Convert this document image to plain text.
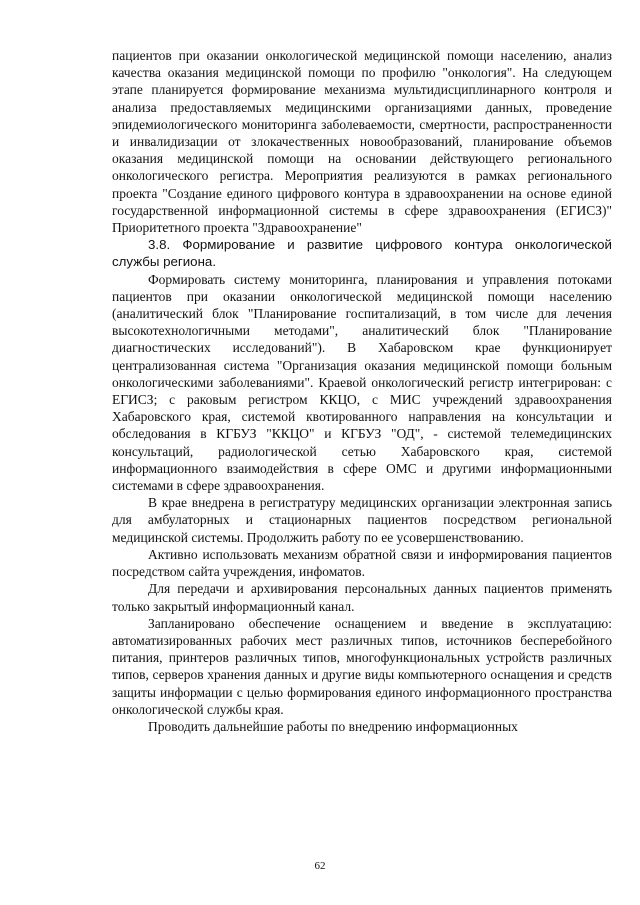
пациентов при оказании онкологической медицинской помощи населению, анализ качества оказания медицинской помощи по профилю "онкология". На следующем этапе планируется формирование механизма мультидисциплинарного контроля и анализа предоставляемых медицинскими организациями данных, проведение эпидемиологического мониторинга заболеваемости, смертности, распространенности и инвалидизации от злокачественных новообразований, планирование объемов оказания медицинской помощи на основании действующего регионального онкологического регистра. Мероприятия реализуются в рамках регионального проекта "Создание единого цифрового контура в здравоохранении на основе единой государственной информационной системы в сфере здравоохранения (ЕГИСЗ)" Приоритетного проекта "Здравоохранение"

3.8. Формирование и развитие цифрового контура онкологической службы региона.

Формировать систему мониторинга, планирования и управления потоками пациентов при оказании онкологической медицинской помощи населению (аналитический блок "Планирование госпитализаций, в том числе для лечения высокотехнологичными методами", аналитический блок "Планирование диагностических исследований"). В Хабаровском крае функционирует централизованная система "Организация оказания медицинской помощи больным онкологическими заболеваниями". Краевой онкологический регистр интегрирован: с ЕГИСЗ; с раковым регистром ККЦО, с МИС учреждений здравоохранения Хабаровского края, системой квотированного направления на консультации и обследования в КГБУЗ "ККЦО" и КГБУЗ "ОД", - системой телемедицинских консультаций, радиологической сетью Хабаровского края, системой информационного взаимодействия в сфере ОМС и другими информационными системами в сфере здравоохранения.

В крае внедрена в регистратуру медицинских организации электронная запись для амбулаторных и стационарных пациентов посредством региональной медицинской системы. Продолжить работу по ее усовершенствованию.

Активно использовать механизм обратной связи и информирования пациентов посредством сайта учреждения, инфоматов.

Для передачи и архивирования персональных данных пациентов применять только закрытый информационный канал.

Запланировано обеспечение оснащением и введение в эксплуатацию: автоматизированных рабочих мест различных типов, источников бесперебойного питания, принтеров различных типов, многофункциональных устройств различных типов, серверов хранения данных и другие виды компьютерного оснащения и средств защиты информации с целью формирования единого информационного пространства онкологической службы края.

Проводить дальнейшие работы по внедрению информационных

62
